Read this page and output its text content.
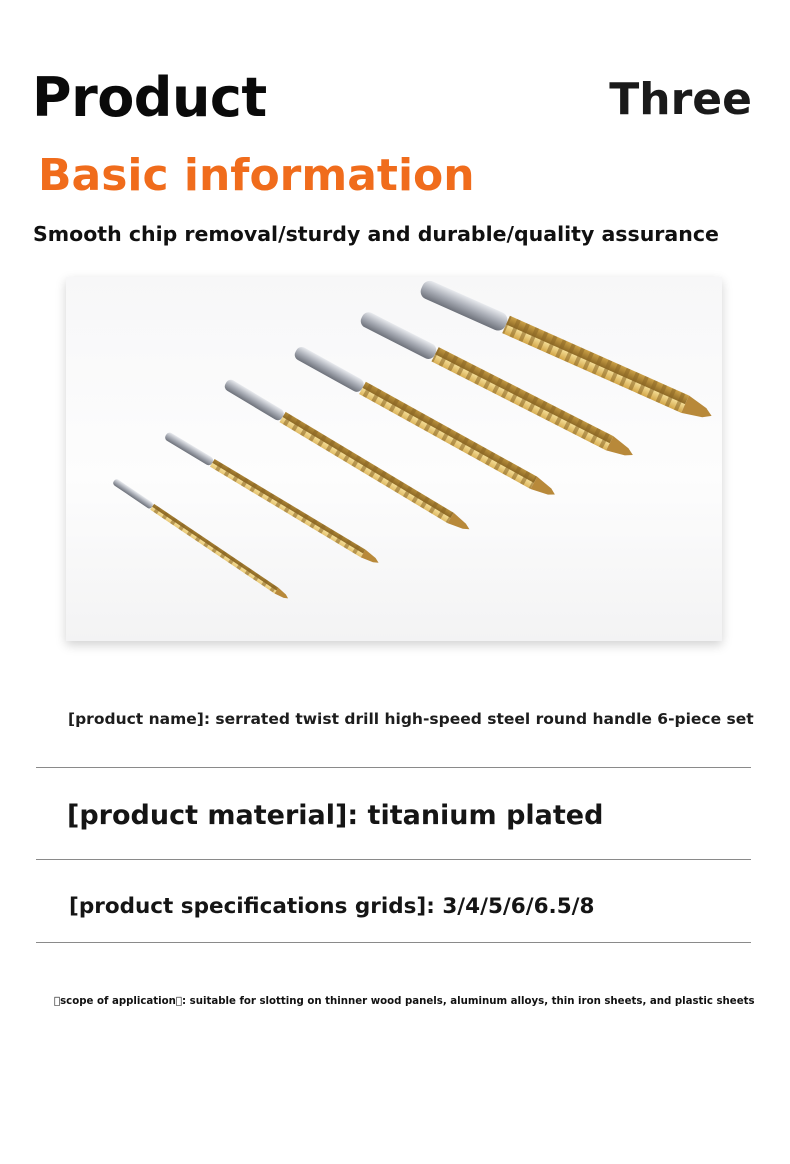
Product	Three
Basic information
Smooth chip removal/sturdy and durable/quality assurance
[product name]: serrated twist drill high-speed steel round handle 6-piece set
[product material]: titanium plated
[product specifications grids]: 3/4/5/6/6.5/8
 scope of application : suitable for slotting on thinner wood panels, aluminum alloys, thin iron sheets, and plastic sheets
